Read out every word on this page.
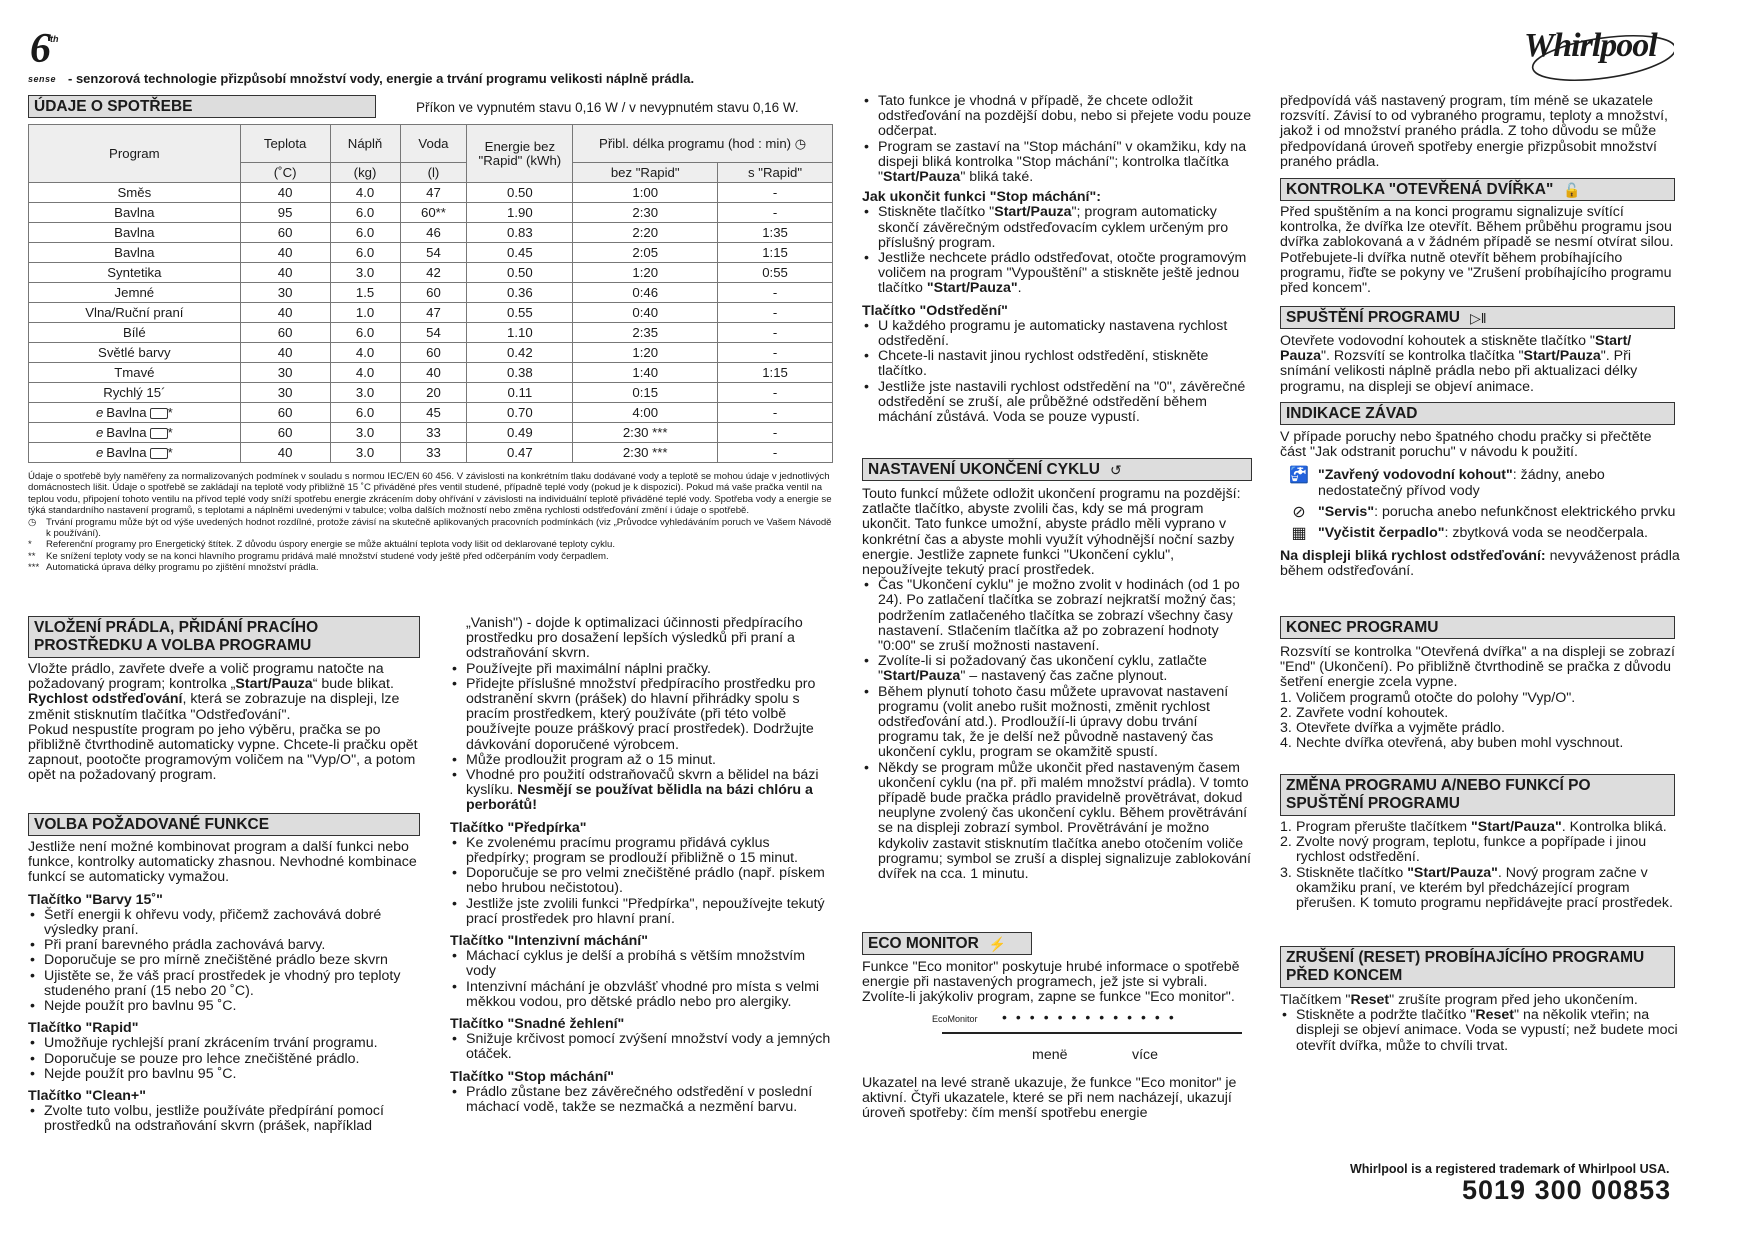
6 th
sense - senzorová technologie přizpůsobí množství vody, energie a trvání programu velikosti náplně prádla.
Whirlpool
ÚDAJE O SPOTŘEBE	Příkon ve vypnutém stavu 0,16 W / v nevypnutém stavu 0,16 W.
Program	Teplota	Náplň	Voda	Energie bez "Rapid" (kWh)	Přibl. délka programu (hod : min) ◷	
	(˚C)	(kg)	(l)		bez "Rapid"	s "Rapid"
Směs	40	4.0	47	0.50	1:00	-
Bavlna	95	6.0	60**	1.90	2:30	-
Bavlna	60	6.0	46	0.83	2:20	1:35
Bavlna	40	6.0	54	0.45	2:05	1:15
Syntetika	40	3.0	42	0.50	1:20	0:55
Jemné	30	1.5	60	0.36	0:46	-
Vlna/Ruční praní	40	1.0	47	0.55	0:40	-
Bílé	60	6.0	54	1.10	2:35	-
Světlé barvy	40	4.0	60	0.42	1:20	-
Tmavé	30	4.0	40	0.38	1:40	1:15
Rychlý 15´	30	3.0	20	0.11	0:15	-
e Bavlna *	60	6.0	45	0.70	4:00	-
e Bavlna *	60	3.0	33	0.49	2:30 ***	-
e Bavlna *	40	3.0	33	0.47	2:30 ***	-

Údaje o spotřebě byly naměřeny za normalizovaných podmínek v souladu s normou IEC/EN 60 456. V závislosti na konkrétním tlaku dodávané vody a teplotě se mohou údaje v jednotlivých domácnostech lišit. Údaje o spotřebě se zakládají na teplotě vody přibližně 15 ˚C přiváděné přes ventil studené, případně teplé vody (pokud je k dispozici). Pokud má vaše pračka ventil na teplou vodu, připojení tohoto ventilu na přívod teplé vody sníží spotřebu energie zkrácením doby ohřívání v závislosti na individuální teplotě přiváděné teplé vody. Spotřeba vody a energie se týká standardního nastavení programů, s teplotami a náplněmi uvedenými v tabulce; volba dalších možností nebo změna rychlosti odstřeďování změní i údaje o spotřebě.

◷	Trvání programu může být od výše uvedených hodnot rozdílné, protože závisí na skutečně aplikovaných pracovních podmínkách (viz „Průvodce vyhledáváním poruch ve Vašem Návodě k používání).
*	Referenční programy pro Energetický štítek. Z důvodu úspory energie se může aktuální teplota vody lišit od deklarované teploty cyklu.
**	Ke snížení teploty vody se na konci hlavního programu pridává malé množství studené vody ještě před odčerpáním vody čerpadlem.
*** Automatická úprava délky programu po zjištění množství prádla.
VLOŽENÍ PRÁDLA, PŘIDÁNÍ PRACÍHO PROSTŘEDKU A VOLBA PROGRAMU

Vložte prádlo, zavřete dveře a volič programu natočte na požadovaný program; kontrolka „Start/Pauza“ bude blikat.

Rychlost odstřeďování, která se zobrazuje na displeji, lze změnit stisknutím tlačítka "Odstřeďování".

Pokud nespustíte program po jeho výběru, pračka se po přibližně čtvrthodině automaticky vypne. Chcete-li pračku opět zapnout, pootočte programovým voličem na "Vyp/O", a potom opět na požadovaný program.

VOLBA POŽADOVANÉ FUNKCE

Jestliže není možné kombinovat program a další funkci nebo funkce, kontrolky automaticky zhasnou. Nevhodné kombinace funkcí se automaticky vymažou.

Tlačítko "Barvy 15˚"
• Šetří energii k ohřevu vody, přičemž zachovává dobré výsledky praní.
• Při praní barevného prádla zachovává barvy.
• Doporučuje se pro mírně znečištěné prádlo beze skvrn
• Ujistěte se, že váš prací prostředek je vhodný pro teploty studeného praní (15 nebo 20 ˚C).
• Nejde použít pro bavlnu 95 ˚C.
Tlačítko "Rapid"
• Umožňuje rychlejší praní zkrácením trvání programu.
• Doporučuje se pouze pro lehce znečištěné prádlo.
• Nejde použít pro bavlnu 95 ˚C.
Tlačítko "Clean+"
• Zvolte tuto volbu, jestliže používáte předpírání pomocí prostředků na odstraňování skvrn (prášek, například

„Vanish") - dojde k optimalizaci účinnosti předpíracího prostředku pro dosažení lepších výsledků při praní a odstraňování skvrn.

• Používejte při maximální náplni pračky.
• Přidejte příslušné množství předpíracího prostředku pro odstranění skvrn (prášek) do hlavní přihrádky spolu s pracím prostředkem, který používáte (při této volbě používejte pouze práškový prací prostředek). Dodržujte dávkování doporučené výrobcem.
• Může prodloužit program až o 15 minut.
• Vhodné pro použití odstraňovačů skvrn a bělidel na bázi kyslíku. Nesmějí se používat bělidla na bázi chlóru a perborátů!
Tlačítko "Předpírka"
• Ke zvolenému pracímu programu přidává cyklus předpírky; program se prodlouží přibližně o 15 minut.
• Doporučuje se pro velmi znečištěné prádlo (např. pískem nebo hrubou nečistotou).
• Jestliže jste zvolili funkci "Předpírka", nepoužívejte tekutý prací prostředek pro hlavní praní.
Tlačítko "Intenzivní máchání"
• Máchací cyklus je delší a probíhá s větším množstvím vody
• Intenzivní máchání je obzvlášť vhodné pro místa s velmi měkkou vodou, pro dětské prádlo nebo pro alergiky.
Tlačítko "Snadné žehlení"
• Snižuje krčivost pomocí zvýšení množství vody a jemných otáček.
Tlačítko "Stop máchání"
• Prádlo zůstane bez závěrečného odstředění v poslední máchací vodě, takže se nezmačká a nezmění barvu.
• Tato funkce je vhodná v případě, že chcete odložit odstřeďování na pozdější dobu, nebo si přejete vodu pouze odčerpat.
• Program se zastaví na "Stop máchání" v okamžiku, kdy na dispeji bliká kontrolka "Stop máchání"; kontrolka tlačítka "Start/Pauza" bliká také.
Jak ukončit funkci "Stop máchání":
• Stiskněte tlačítko "Start/Pauza"; program automaticky skončí závěrečným odstřeďovacím cyklem určeným pro příslušný program.
• Jestliže nechcete prádlo odstřeďovat, otočte programovým voličem na program "Vypouštění" a stiskněte ještě jednou tlačítko "Start/Pauza".
Tlačítko "Odstředění"
• U každého programu je automaticky nastavena rychlost odstředění.
• Chcete-li nastavit jinou rychlost odstředění, stiskněte tlačítko.
• Jestliže jste nastavili rychlost odstředění na "0", závěrečné odstředění se zruší, ale průběžné odstředění během máchání zůstává. Voda se pouze vypustí.
NASTAVENÍ UKONČENÍ CYKLU ↺

Touto funkcí můžete odložit ukončení programu na pozdější: zatlačte tlačítko, abyste zvolili čas, kdy se má program ukončit. Tato funkce umožní, abyste prádlo měli vyprano v konkrétní čas a abyste mohli využít výhodnější noční sazby energie. Jestliže zapnete funkci "Ukončení cyklu", nepoužívejte tekutý prací prostředek.

• Čas "Ukončení cyklu" je možno zvolit v hodinách (od 1 po 24). Po zatlačení tlačítka se zobrazí nejkratší možný čas; podržením zatlačeného tlačítka se zobrazí všechny časy nastavení. Stlačením tlačítka až po zobrazení hodnoty "0:00" se zruší možnosti nastavení.
• Zvolíte-li si požadovaný čas ukončení cyklu, zatlačte "Start/Pauza" – nastavený čas začne plynout.
• Během plynutí tohoto času můžete upravovat nastavení programu (volit anebo rušit možnosti, změnit rychlost odstřeďování atd.). Prodloužíí-li úpravy dobu trvání programu tak, že je delší než původně nastavený čas ukončení cyklu, program se okamžitě spustí.
• Někdy se program může ukončit před nastaveným časem ukončení cyklu (na př. při malém množství prádla). V tomto případě bude pračka prádlo pravidelně provětrávat, dokud neuplyne zvolený čas ukončení cyklu. Během provětrávání se na displeji zobrazí symbol. Provětrávání je možno kdykoliv zastavit stisknutím tlačítka anebo otočením voliče programu; symbol se zruší a displej signalizuje zablokování dvířek na cca. 1 minutu.
ECO MONITOR ⚡

Funkce "Eco monitor" poskytuje hrubé informace o spotřebě energie při nastavených programech, jež jste si vybrali. Zvolíte-li jakýkoliv program, zapne se funkce "Eco monitor".

EcoMonitor •••••••••••••
menë	více

Ukazatel na levé straně ukazuje, že funkce "Eco monitor" je aktivní. Čtyři ukazatele, které se při nem nacházejí, ukazují úroveň spotřeby: čím menší spotřebu energie

předpovídá váš nastavený program, tím méně se ukazatele rozsvítí. Závisí to od vybraného programu, teploty a množství, jakož i od množství praného prádla. Z toho důvodu se může předpovídaná úroveň spotřeby energie přizpůsobit množství praného prádla.

KONTROLKA "OTEVŘENÁ DVÍŘKA" 🔓

Před spuštěním a na konci programu signalizuje svítící kontrolka, že dvířka lze otevřít. Během průběhu programu jsou dvířka zablokovaná a v žádném případě se nesmí otvírat silou. Potřebujete-li dvířka nutně otevřít během probíhajícího programu, řiďte se pokyny ve "Zrušení probíhajícího programu před koncem".

SPUŠTĚNÍ PROGRAMU ▷‖

Otevřete vodovodní kohoutek a stiskněte tlačítko "Start/ Pauza". Rozsvítí se kontrolka tlačítka "Start/Pauza". Při snímání velikosti náplně prádla nebo při aktualizaci délky programu, na displeji se objeví animace.

INDIKACE ZÁVAD

V případe poruchy nebo špatného chodu pračky si přečtěte část "Jak odstranit poruchu" v návodu k použití.

🚰 "Zavřený vodovodní kohout": žádny, anebo nedostatečný přívod vody
⊘ "Servis": porucha anebo nefunkčnost elektrického prvku
▦ "Vyčistit čerpadlo": zbytková voda se neodčerpala.

Na displeji bliká rychlost odstřeďování: nevyváženost prádla během odstřeďování.

KONEC PROGRAMU

Rozsvítí se kontrolka "Otevřená dvířka" a na displeji se zobrazí "End" (Ukončení). Po přibližně čtvrthodině se pračka z důvodu šetření energie zcela vypne.

1. Voličem programů otočte do polohy "Vyp/O".
2. Zavřete vodní kohoutek.
3. Otevřete dvířka a vyjměte prádlo.
4. Nechte dvířka otevřená, aby buben mohl vyschnout.
ZMĚNA PROGRAMU A/NEBO FUNKCÍ PO SPUŠTĚNÍ PROGRAMU
1. Program přerušte tlačítkem "Start/Pauza". Kontrolka bliká.
2. Zvolte nový program, teplotu, funkce a popřípade i jinou rychlost odstředění.
3. Stiskněte tlačítko "Start/Pauza". Nový program začne v okamžiku praní, ve kterém byl předcházející program přerušen. K tomuto programu nepřidávejte prací prostředek.
ZRUŠENÍ (RESET) PROBÍHAJÍCÍHO PROGRAMU PŘED KONCEM

Tlačítkem "Reset" zrušíte program před jeho ukončením.

• Stiskněte a podržte tlačítko "Reset" na několik vteřin; na displeji se objeví animace. Voda se vypustí; než budete moci otevřít dvířka, může to chvíli trvat.
Whirlpool is a registered trademark of Whirlpool USA.
5019 300 00853
